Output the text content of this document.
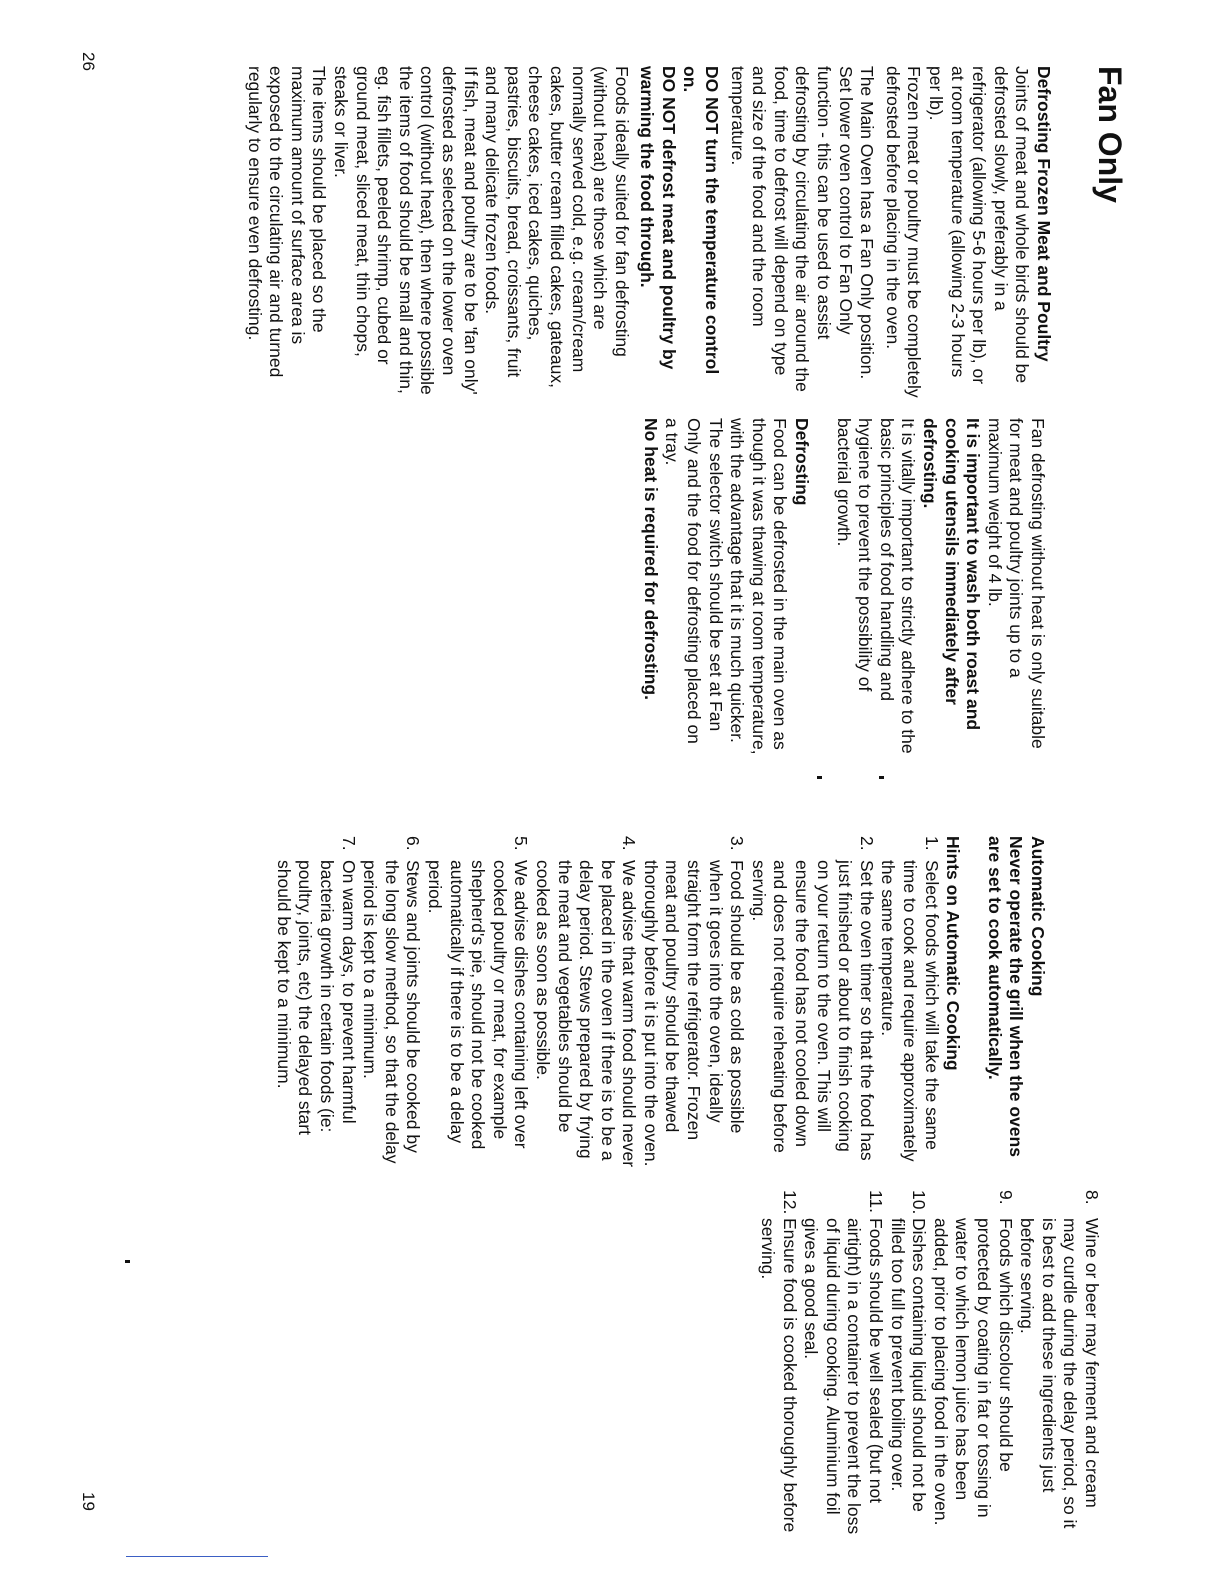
Fan Only

Defrosting Frozen Meat and Poultry

Joints of meat and whole birds should be defrosted slowly, preferably in a refrigerator (allowing 5-6 hours per lb), or at room temperature (allowing 2-3 hours per lb).

Frozen meat or poultry must be completely defrosted before placing in the oven.

The Main Oven has a Fan Only position. Set lower oven control to Fan Only function - this can be used to assist defrosting by circulating the air around the food, time to defrost will depend on type and size of the food and the room temperature.

DO NOT turn the temperature control on.

DO NOT defrost meat and poultry by warming the food through.

Foods ideally suited for fan defrosting (without heat) are those which are normally served cold, e.g. cream/cream cakes, butter cream filled cakes, gateaux, cheese cakes, iced cakes, quiches, pastries, biscuits, bread, croissants, fruit and many delicate frozen foods.

If fish, meat and poultry are to be 'fan only' defrosted as selected on the lower oven control (without heat), then where possible the items of food should be small and thin, eg. fish fillets, peeled shrimp, cubed or ground meat, sliced meat, thin chops, steaks or liver.

The items should be placed so the maximum amount of surface area is exposed to the circulating air and turned regularly to ensure even defrosting.

Fan defrosting without heat is only suitable for meat and poultry joints up to a maximum weight of 4 lb.

It is important to wash both roast and cooking utensils immediately after defrosting.

It is vitally important to strictly adhere to the basic principles of food handling and hygiene to prevent the possibility of bacterial growth.

Defrosting

Food can be defrosted in the main oven as though it was thawing at room temperature, with the advantage that it is much quicker. The selector switch should be set at Fan Only and the food for defrosting placed on a tray.

No heat is required for defrosting.

26

Automatic Cooking

Never operate the grill when the ovens are set to cook automatically.

Hints on Automatic Cooking

1.
Select foods which will take the same time to cook and require approximately the same temperature.
2.
Set the oven timer so that the food has just finished or about to finish cooking on your return to the oven. This will ensure the food has not cooled down and does not require reheating before serving.
3.
Food should be as cold as possible when it goes into the oven, ideally straight form the refrigerator. Frozen meat and poultry should be thawed thoroughly before it is put into the oven.
4.
We advise that warm food should never be placed in the oven if there is to be a delay period. Stews prepared by frying the meat and vegetables should be cooked as soon as possible.
5.
We advise dishes containing left over cooked poultry or meat, for example shepherd's pie, should not be cooked automatically if there is to be a delay period.
6.
Stews and joints should be cooked by the long slow method, so that the delay period is kept to a minimum.
7.
On warm days, to prevent harmful bacteria growth in certain foods (ie: poultry, joints, etc) the delayed start should be kept to a minimum.
8.
Wine or beer may ferment and cream may curdle during the delay period, so it is best to add these ingredients just before serving.
9.
Foods which discolour should be protected by coating in fat or tossing in water to which lemon juice has been added, prior to placing food in the oven.
10.
Dishes containing liquid should not be filled too full to prevent boiling over.
11.
Foods should be well sealed (but not airtight) in a container to prevent the loss of liquid during cooking. Aluminium foil gives a good seal.
12.
Ensure food is cooked thoroughly before serving.
19
